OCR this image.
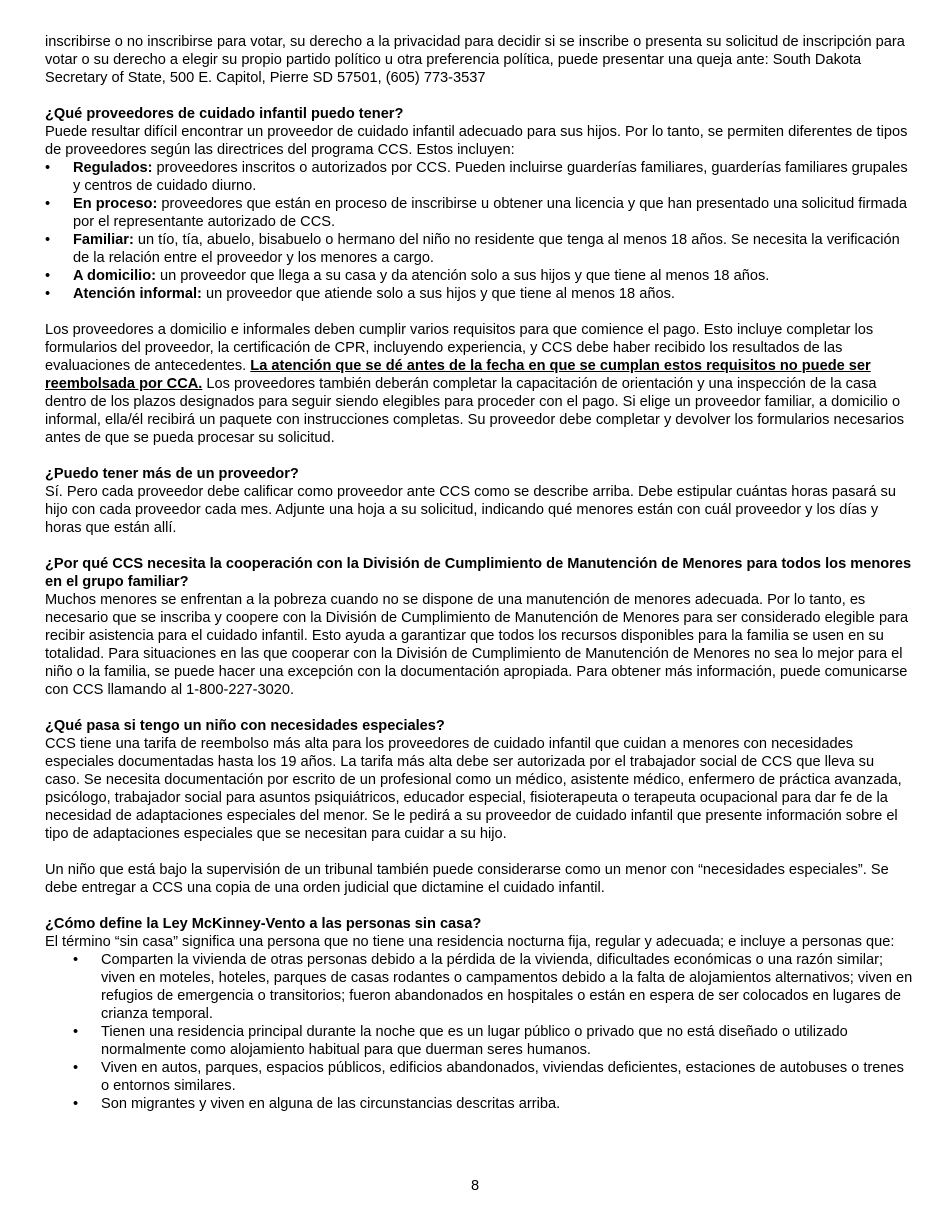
inscribirse o no inscribirse para votar, su derecho a la privacidad para decidir si se inscribe o presenta su solicitud de inscripción para votar o su derecho a elegir su propio partido político u otra preferencia política, puede presentar una queja ante: South Dakota Secretary of State, 500 E. Capitol, Pierre SD 57501, (605) 773-3537

¿Qué proveedores de cuidado infantil puedo tener?

Puede resultar difícil encontrar un proveedor de cuidado infantil adecuado para sus hijos. Por lo tanto, se permiten diferentes de tipos de proveedores según las directrices del programa CCS. Estos incluyen:

• Regulados: proveedores inscritos o autorizados por CCS. Pueden incluirse guarderías familiares, guarderías familiares grupales y centros de cuidado diurno.
• En proceso: proveedores que están en proceso de inscribirse u obtener una licencia y que han presentado una solicitud firmada por el representante autorizado de CCS.
• Familiar: un tío, tía, abuelo, bisabuelo o hermano del niño no residente que tenga al menos 18 años. Se necesita la verificación de la relación entre el proveedor y los menores a cargo.
• A domicilio: un proveedor que llega a su casa y da atención solo a sus hijos y que tiene al menos 18 años.
• Atención informal: un proveedor que atiende solo a sus hijos y que tiene al menos 18 años.

Los proveedores a domicilio e informales deben cumplir varios requisitos para que comience el pago. Esto incluye completar los formularios del proveedor, la certificación de CPR, incluyendo experiencia, y CCS debe haber recibido los resultados de las evaluaciones de antecedentes. La atención que se dé antes de la fecha en que se cumplan estos requisitos no puede ser reembolsada por CCA. Los proveedores también deberán completar la capacitación de orientación y una inspección de la casa dentro de los plazos designados para seguir siendo elegibles para proceder con el pago. Si elige un proveedor familiar, a domicilio o informal, ella/él recibirá un paquete con instrucciones completas. Su proveedor debe completar y devolver los formularios necesarios antes de que se pueda procesar su solicitud.

¿Puedo tener más de un proveedor?

Sí. Pero cada proveedor debe calificar como proveedor ante CCS como se describe arriba. Debe estipular cuántas horas pasará su hijo con cada proveedor cada mes. Adjunte una hoja a su solicitud, indicando qué menores están con cuál proveedor y los días y horas que están allí.

¿Por qué CCS necesita la cooperación con la División de Cumplimiento de Manutención de Menores para todos los menores en el grupo familiar?

Muchos menores se enfrentan a la pobreza cuando no se dispone de una manutención de menores adecuada. Por lo tanto, es necesario que se inscriba y coopere con la División de Cumplimiento de Manutención de Menores para ser considerado elegible para recibir asistencia para el cuidado infantil. Esto ayuda a garantizar que todos los recursos disponibles para la familia se usen en su totalidad. Para situaciones en las que cooperar con la División de Cumplimiento de Manutención de Menores no sea lo mejor para el niño o la familia, se puede hacer una excepción con la documentación apropiada. Para obtener más información, puede comunicarse con CCS llamando al 1-800-227-3020.

¿Qué pasa si tengo un niño con necesidades especiales?

CCS tiene una tarifa de reembolso más alta para los proveedores de cuidado infantil que cuidan a menores con necesidades especiales documentadas hasta los 19 años. La tarifa más alta debe ser autorizada por el trabajador social de CCS que lleva su caso. Se necesita documentación por escrito de un profesional como un médico, asistente médico, enfermero de práctica avanzada, psicólogo, trabajador social para asuntos psiquiátricos, educador especial, fisioterapeuta o terapeuta ocupacional para dar fe de la necesidad de adaptaciones especiales del menor. Se le pedirá a su proveedor de cuidado infantil que presente información sobre el tipo de adaptaciones especiales que se necesitan para cuidar a su hijo.

Un niño que está bajo la supervisión de un tribunal también puede considerarse como un menor con “necesidades especiales”. Se debe entregar a CCS una copia de una orden judicial que dictamine el cuidado infantil.

¿Cómo define la Ley McKinney-Vento a las personas sin casa?

El término “sin casa” significa una persona que no tiene una residencia nocturna fija, regular y adecuada; e incluye a personas que:

• Comparten la vivienda de otras personas debido a la pérdida de la vivienda, dificultades económicas o una razón similar; viven en moteles, hoteles, parques de casas rodantes o campamentos debido a la falta de alojamientos alternativos; viven en refugios de emergencia o transitorios; fueron abandonados en hospitales o están en espera de ser colocados en lugares de crianza temporal.
• Tienen una residencia principal durante la noche que es un lugar público o privado que no está diseñado o utilizado normalmente como alojamiento habitual para que duerman seres humanos.
• Viven en autos, parques, espacios públicos, edificios abandonados, viviendas deficientes, estaciones de autobuses o trenes o entornos similares.
• Son migrantes y viven en alguna de las circunstancias descritas arriba.
8
